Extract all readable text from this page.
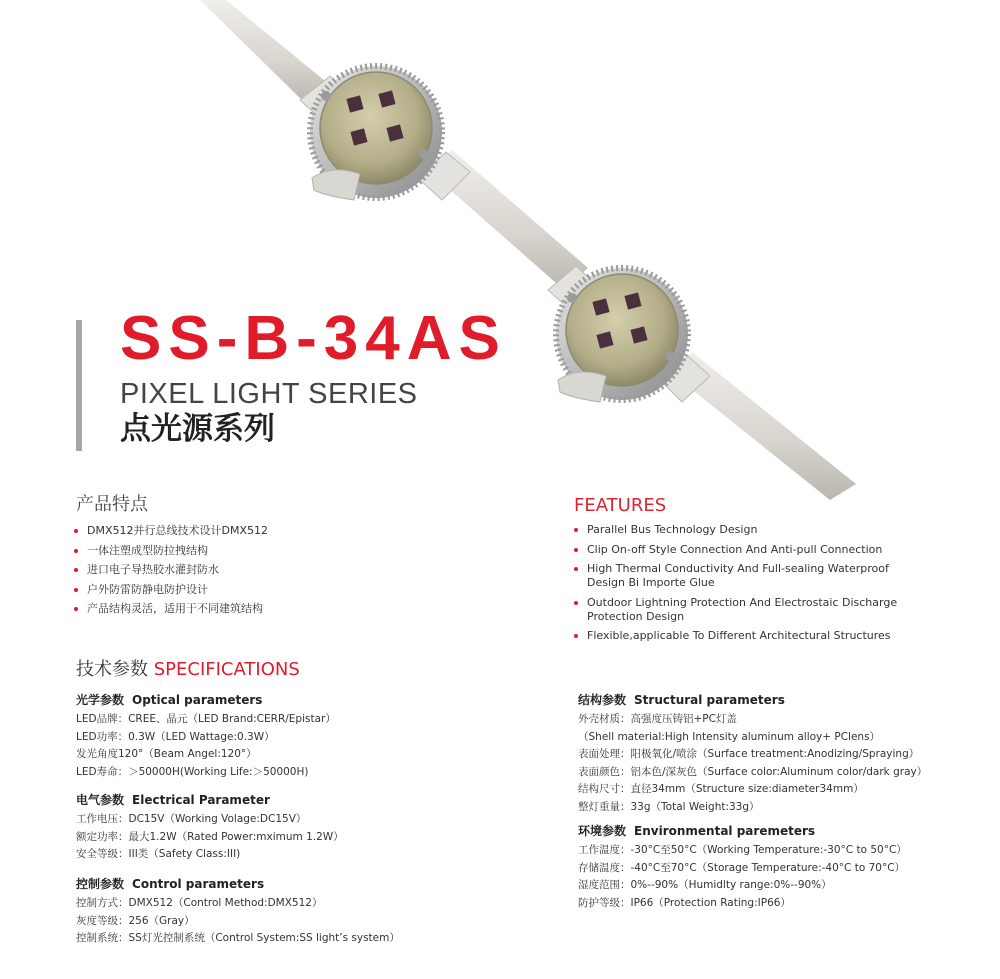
SS-B-34AS
PIXEL LIGHT SERIES
点光源系列
产品特点
DMX512并行总线技术设计DMX512
一体注塑成型防拉拽结构
进口电子导热胶水灌封防水
户外防雷防静电防护设计
产品结构灵活，适用于不同建筑结构
FEATURES
Parallel Bus Technology Design
Clip On-off Style Connection And Anti-pull Connection
High Thermal Conductivity And Full-sealing Waterproof
Design Bi Importe Glue
Outdoor Lightning Protection And Electrostaic Discharge
Protection Design
Flexible,applicable To Different Architectural Structures
技术参数 SPECIFICATIONS
光学参数 Optical parameters
LED品牌：CREE、晶元（LED Brand:CERR/Epistar）
LED功率：0.3W（LED Wattage:0.3W）
发光角度120°（Beam Angel:120°）
LED寿命：＞50000H(Working Life:＞50000H)
电气参数 Electrical Parameter
工作电压：DC15V（Working Volage:DC15V）
额定功率：最大1.2W（Rated Power:mximum 1.2W）
安全等级：III类（Safety Class:III)
控制参数 Control parameters
控制方式：DMX512（Control Method:DMX512）
灰度等级：256（Gray）
控制系统：SS灯光控制系统（Control System:SS light’s system）
结构参数 Structural parameters
外壳材质：高强度压铸铝+PC灯盖
（Shell material:High Intensity aluminum alloy+ PClens）
表面处理：阳极氧化/喷涂（Surface treatment:Anodizing/Spraying）
表面颜色：铝本色/深灰色（Surface color:Aluminum color/dark gray）
结构尺寸：直径34mm（Structure size:diameter34mm）
整灯重量：33g（Total Weight:33g）
环境参数 Environmental paremeters
工作温度：-30°C至50°C（Working Temperature:-30°C to 50°C）
存储温度：-40°C至70°C（Storage Temperature:-40°C to 70°C）
湿度范围：0%--90%（Humidlty range:0%--90%）
防护等级：IP66（Protection Rating:IP66）
